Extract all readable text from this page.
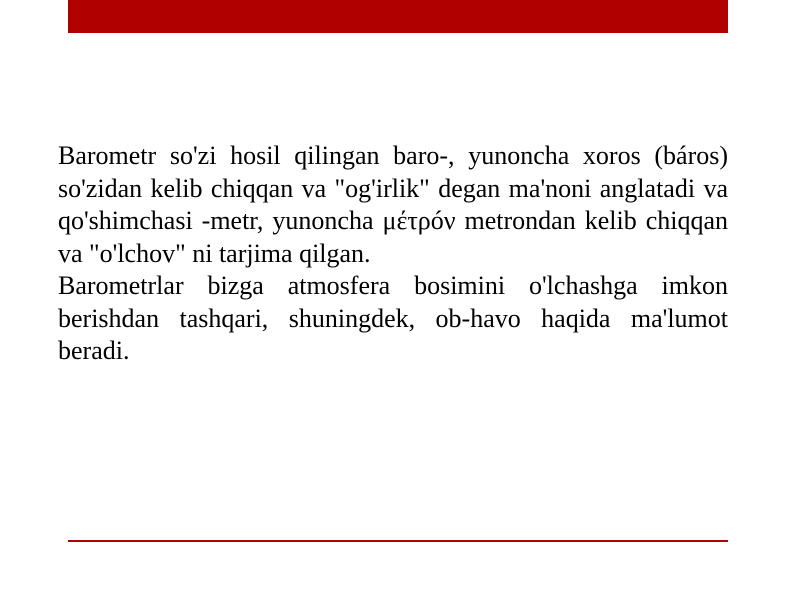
Barometr so'zi hosil qilingan baro-, yunoncha xoros (báros) so'zidan kelib chiqqan va "og'irlik" degan ma'noni anglatadi va qo'shimchasi -metr, yunoncha μέτρóν metrondan kelib chiqqan va "o'lchov" ni tarjima qilgan.

Barometrlar bizga atmosfera bosimini o'lchashga imkon berishdan tashqari, shuningdek, ob-havo haqida ma'lumot beradi.
